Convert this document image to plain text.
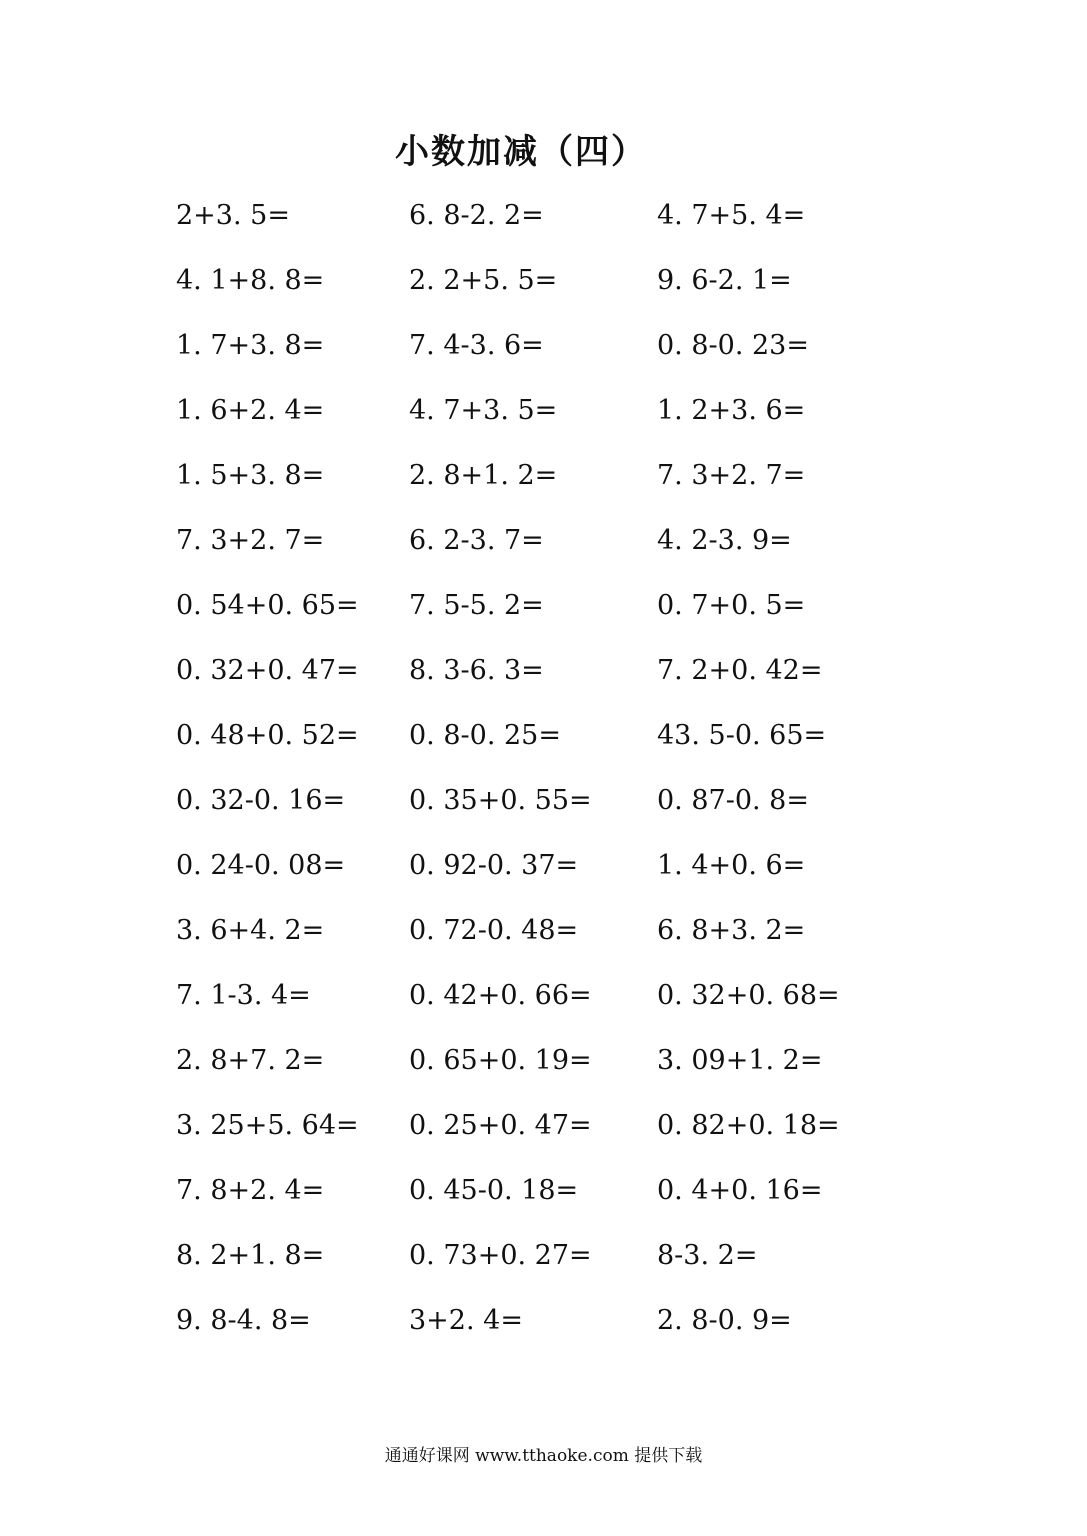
小数加减（四）
2+3. 5=	6. 8-2. 2=	4. 7+5. 4=
4. 1+8. 8=	2. 2+5. 5=	9. 6-2. 1=
1. 7+3. 8=	7. 4-3. 6=	0. 8-0. 23=
1. 6+2. 4=	4. 7+3. 5=	1. 2+3. 6=
1. 5+3. 8=	2. 8+1. 2=	7. 3+2. 7=
7. 3+2. 7=	6. 2-3. 7=	4. 2-3. 9=
0. 54+0. 65= 7. 5-5. 2=	0. 7+0. 5=
0. 32+0. 47= 8. 3-6. 3=	7. 2+0. 42=
0. 48+0. 52= 0. 8-0. 25=	43. 5-0. 65=
0. 32-0. 16= 0. 35+0. 55= 0. 87-0. 8=
0. 24-0. 08= 0. 92-0. 37=	1. 4+0. 6=
3. 6+4. 2=	0. 72-0. 48=	6. 8+3. 2=
7. 1-3. 4=	0. 42+0. 66= 0. 32+0. 68=
2. 8+7. 2=	0. 65+0. 19= 3. 09+1. 2=
3. 25+5. 64= 0. 25+0. 47= 0. 82+0. 18=
7. 8+2. 4=	0. 45-0. 18=	0. 4+0. 16=
8. 2+1. 8=	0. 73+0. 27= 8-3. 2=
9. 8-4. 8=	3+2. 4=	2. 8-0. 9=
通通好课网 www.tthaoke.com 提供下载
